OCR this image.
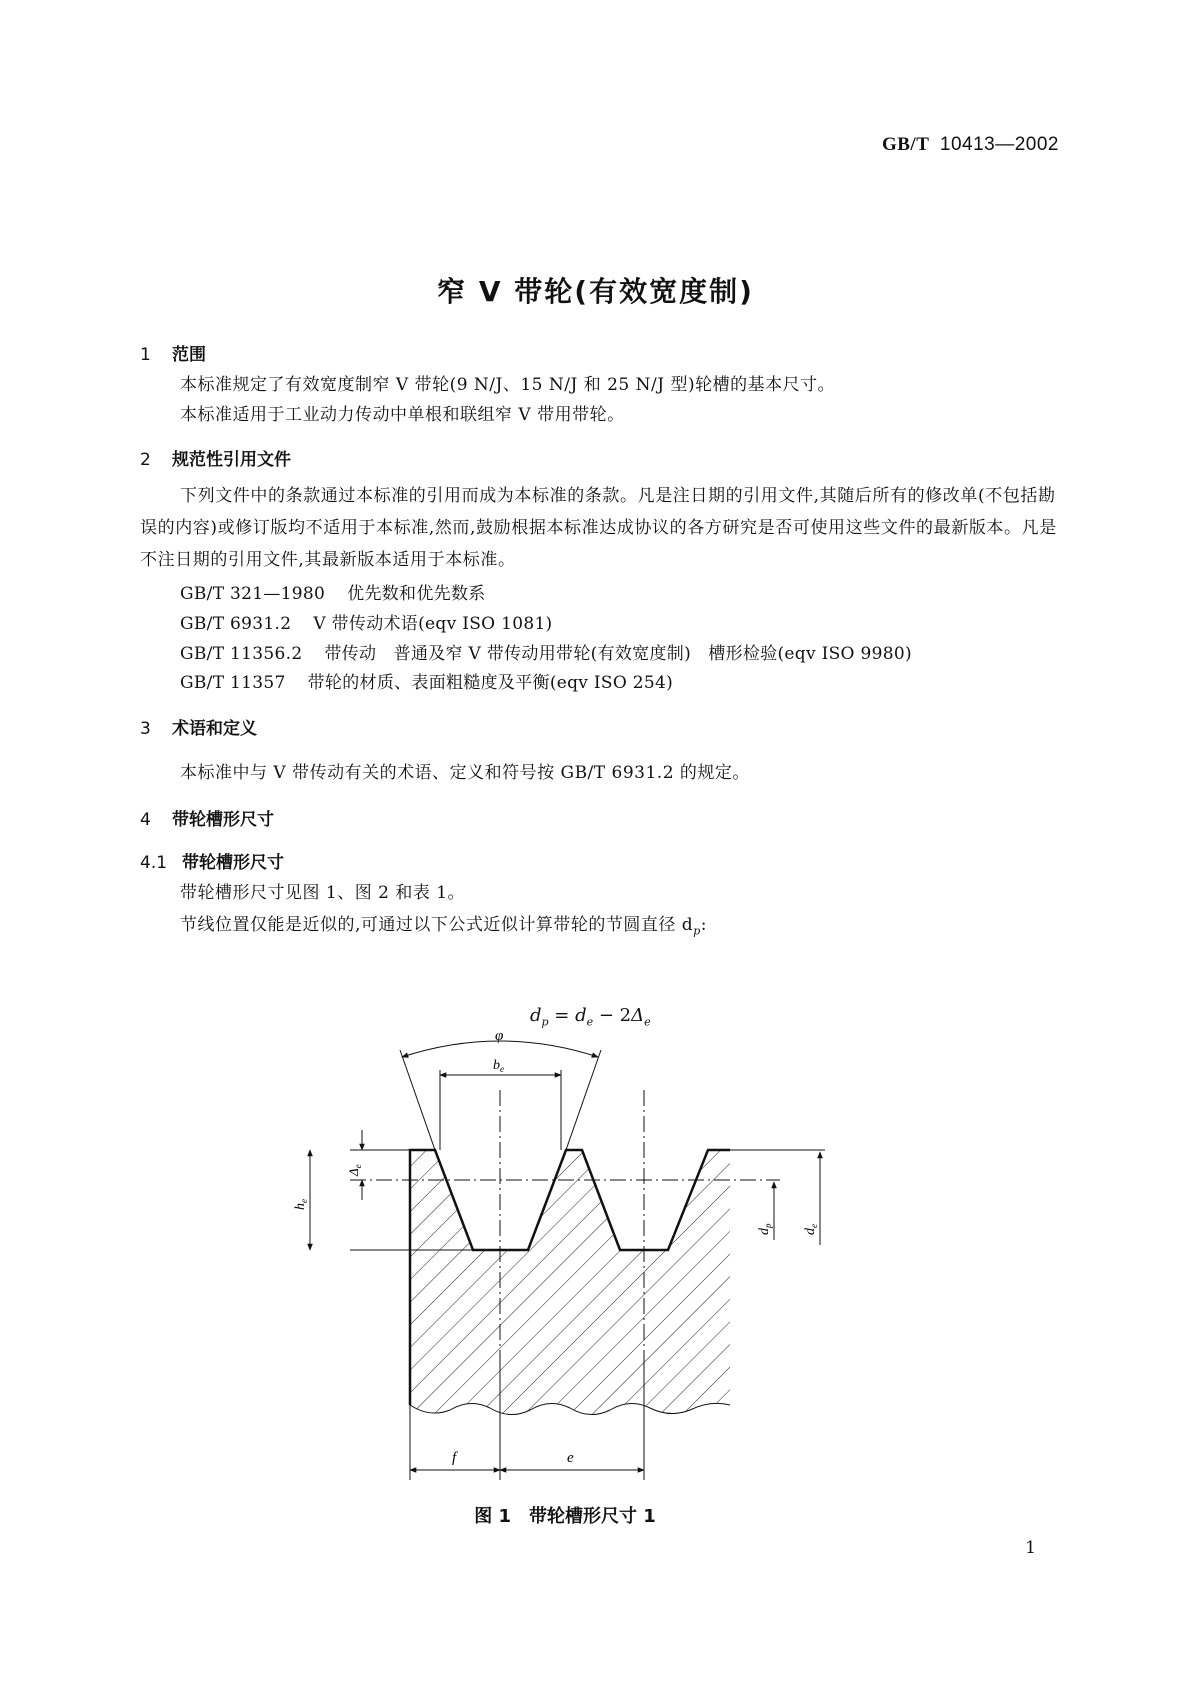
GB/T 10413—2002
窄 V 带轮(有效宽度制)
1 范围
本标准规定了有效宽度制窄 V 带轮(9 N/J、15 N/J 和 25 N/J 型)轮槽的基本尺寸。
本标准适用于工业动力传动中单根和联组窄 V 带用带轮。
2 规范性引用文件
下列文件中的条款通过本标准的引用而成为本标准的条款。凡是注日期的引用文件,其随后所有的修改单(不包括勘误的内容)或修订版均不适用于本标准,然而,鼓励根据本标准达成协议的各方研究是否可使用这些文件的最新版本。凡是不注日期的引用文件,其最新版本适用于本标准。
GB/T 321—1980 优先数和优先数系
GB/T 6931.2 V 带传动术语(eqv ISO 1081)
GB/T 11356.2 带传动　普通及窄 V 带传动用带轮(有效宽度制)　槽形检验(eqv ISO 9980)
GB/T 11357 带轮的材质、表面粗糙度及平衡(eqv ISO 254)
3 术语和定义
本标准中与 V 带传动有关的术语、定义和符号按 GB/T 6931.2 的规定。
4 带轮槽形尺寸
4.1 带轮槽形尺寸
带轮槽形尺寸见图 1、图 2 和表 1。
节线位置仅能是近似的,可通过以下公式近似计算带轮的节圆直径 $d_p$:
$d_p = d_e - 2\Delta_e$
φ
$b_e$
$\Delta_e$
$h_e$
$d_p$
$d_e$
f	e
图 1　带轮槽形尺寸 1
1
